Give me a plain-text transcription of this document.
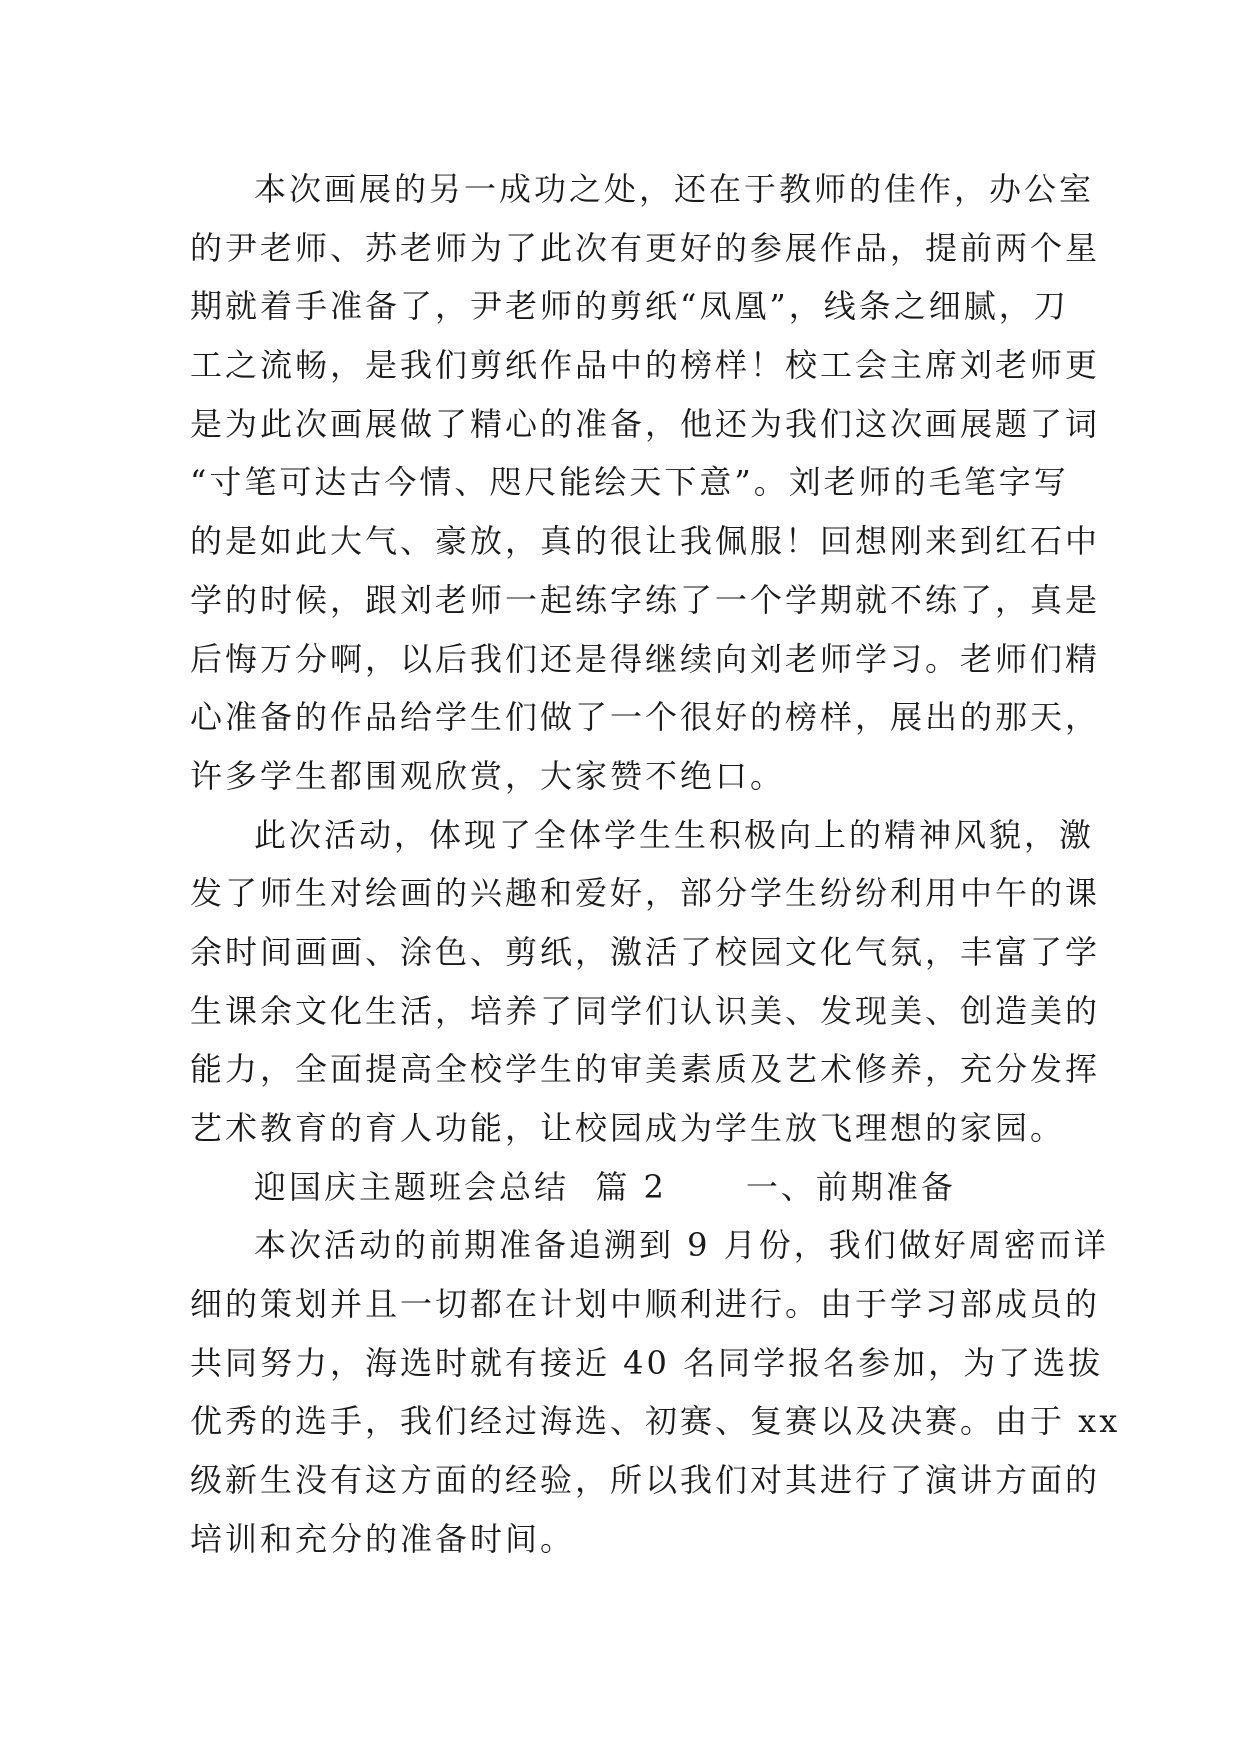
本次画展的另一成功之处，还在于教师的佳作，办公室
的尹老师、苏老师为了此次有更好的参展作品，提前两个星
期就着手准备了，尹老师的剪纸“凤凰”，线条之细腻，刀
工之流畅，是我们剪纸作品中的榜样！校工会主席刘老师更
是为此次画展做了精心的准备，他还为我们这次画展题了词
“寸笔可达古今情、咫尺能绘天下意”。刘老师的毛笔字写
的是如此大气、豪放，真的很让我佩服！回想刚来到红石中
学的时候，跟刘老师一起练字练了一个学期就不练了，真是
后悔万分啊，以后我们还是得继续向刘老师学习。老师们精
心准备的作品给学生们做了一个很好的榜样，展出的那天，
许多学生都围观欣赏，大家赞不绝口。
此次活动，体现了全体学生生积极向上的精神风貌，激
发了师生对绘画的兴趣和爱好，部分学生纷纷利用中午的课
余时间画画、涂色、剪纸，激活了校园文化气氛，丰富了学
生课余文化生活，培养了同学们认识美、发现美、创造美的
能力，全面提高全校学生的审美素质及艺术修养，充分发挥
艺术教育的育人功能，让校园成为学生放飞理想的家园。
迎国庆主题班会总结  篇 2      一、前期准备
本次活动的前期准备追溯到 9 月份，我们做好周密而详
细的策划并且一切都在计划中顺利进行。由于学习部成员的
共同努力，海选时就有接近 40 名同学报名参加，为了选拔
优秀的选手，我们经过海选、初赛、复赛以及决赛。由于 xx
级新生没有这方面的经验，所以我们对其进行了演讲方面的
培训和充分的准备时间。
